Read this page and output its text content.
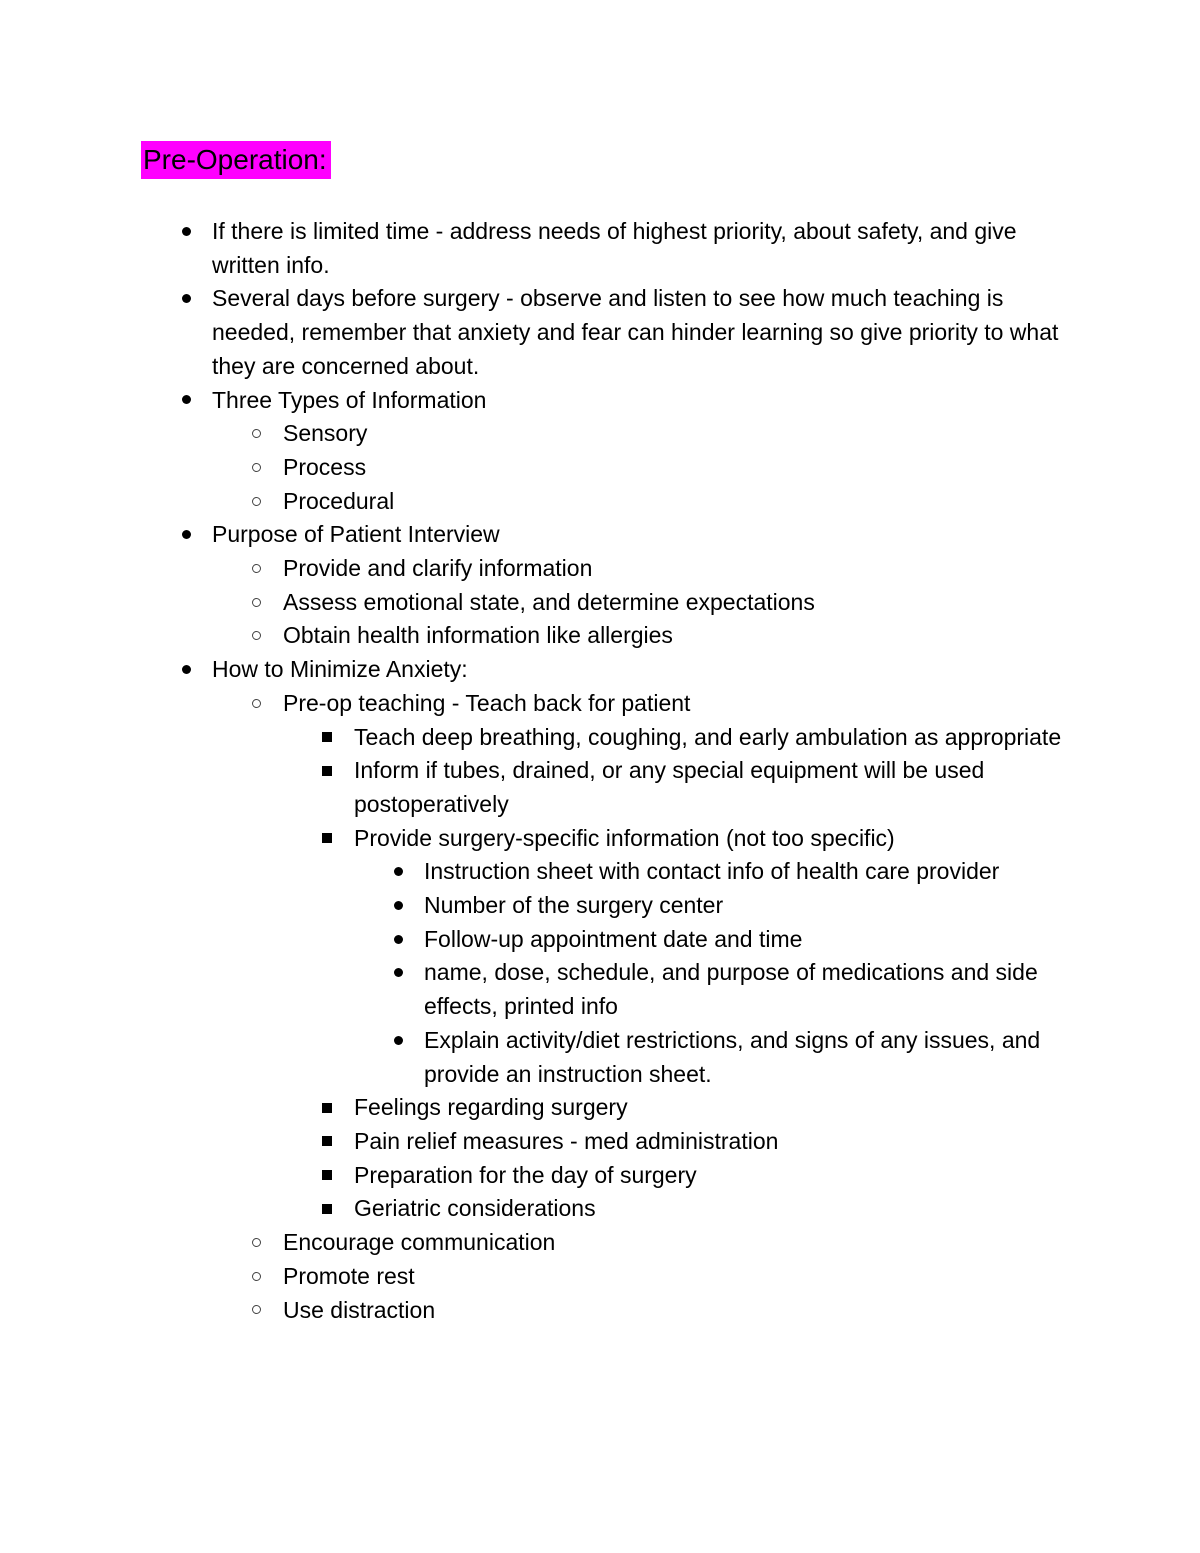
Pre-Operation:
If there is limited time - address needs of highest priority, about safety, and give written info.
Several days before surgery - observe and listen to see how much teaching is needed, remember that anxiety and fear can hinder learning so give priority to what they are concerned about.
Three Types of Information
Sensory
Process
Procedural
Purpose of Patient Interview
Provide and clarify information
Assess emotional state, and determine expectations
Obtain health information like allergies
How to Minimize Anxiety:
Pre-op teaching - Teach back for patient
Teach deep breathing, coughing, and early ambulation as appropriate
Inform if tubes, drained, or any special equipment will be used postoperatively
Provide surgery-specific information (not too specific)
Instruction sheet with contact info of health care provider
Number of the surgery center
Follow-up appointment date and time
name, dose, schedule, and purpose of medications and side effects, printed info
Explain activity/diet restrictions, and signs of any issues, and provide an instruction sheet.
Feelings regarding surgery
Pain relief measures - med administration
Preparation for the day of surgery
Geriatric considerations
Encourage communication
Promote rest
Use distraction
